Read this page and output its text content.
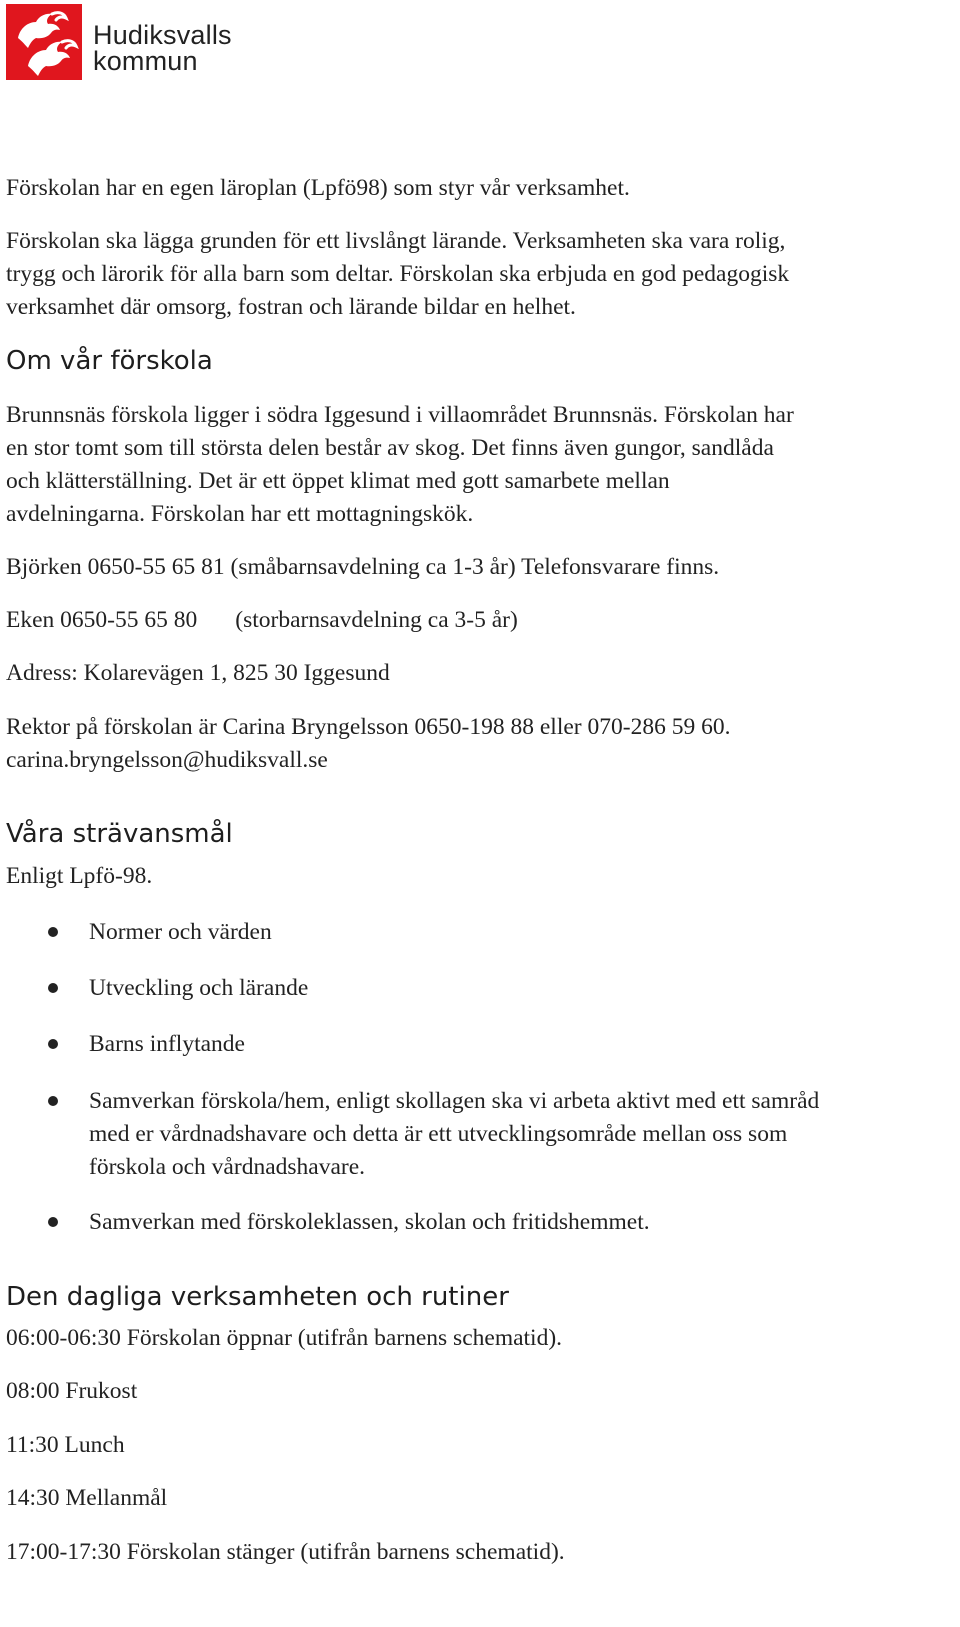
Hudiksvalls
kommun

Förskolan har en egen läroplan (Lpfö98) som styr vår verksamhet.

Förskolan ska lägga grunden för ett livslångt lärande. Verksamheten ska vara rolig,

trygg och lärorik för alla barn som deltar. Förskolan ska erbjuda en god pedagogisk

verksamhet där omsorg, fostran och lärande bildar en helhet.

Om vår förskola

Brunnsnäs förskola ligger i södra Iggesund i villaområdet Brunnsnäs. Förskolan har

en stor tomt som till största delen består av skog. Det finns även gungor, sandlåda

och klätterställning. Det är ett öppet klimat med gott samarbete mellan

avdelningarna. Förskolan har ett mottagningskök.

Björken 0650-55 65 81 (småbarnsavdelning ca 1-3 år) Telefonsvarare finns.

Eken 0650-55 65 80 (storbarnsavdelning ca 3-5 år)

Adress: Kolarevägen 1, 825 30 Iggesund

Rektor på förskolan är Carina Bryngelsson 0650-198 88 eller 070-286 59 60.

carina.bryngelsson@hudiksvall.se

Våra strävansmål

Enligt Lpfö-98.

Normer och värden
Utveckling och lärande
Barns inflytande
Samverkan förskola/hem, enligt skollagen ska vi arbeta aktivt med ett samråd
med er vårdnadshavare och detta är ett utvecklingsområde mellan oss som
förskola och vårdnadshavare.
Samverkan med förskoleklassen, skolan och fritidshemmet.
Den dagliga verksamheten och rutiner

06:00-06:30 Förskolan öppnar (utifrån barnens schematid).

08:00 Frukost

11:30 Lunch

14:30 Mellanmål

17:00-17:30 Förskolan stänger (utifrån barnens schematid).
